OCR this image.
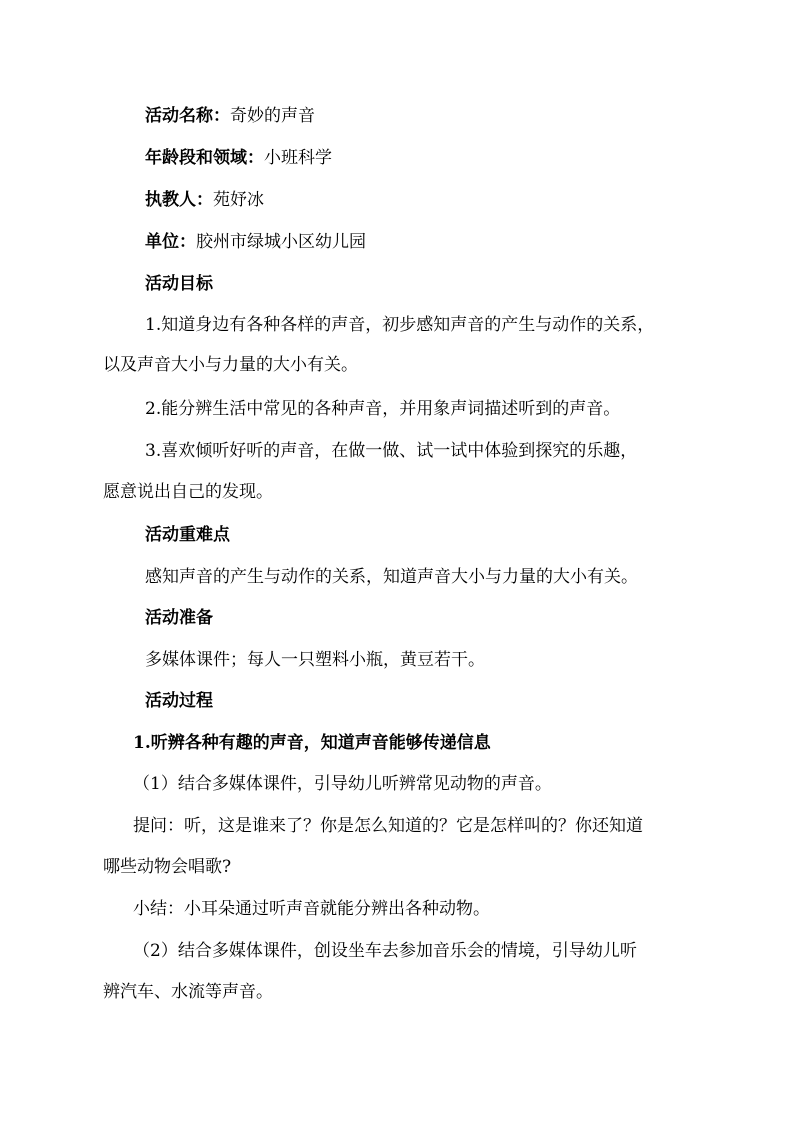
活动名称：奇妙的声音
年龄段和领域：小班科学
执教人：苑妤冰
单位：胶州市绿城小区幼儿园
活动目标
1.知道身边有各种各样的声音，初步感知声音的产生与动作的关系，
以及声音大小与力量的大小有关。
2.能分辨生活中常见的各种声音，并用象声词描述听到的声音。
3.喜欢倾听好听的声音，在做一做、试一试中体验到探究的乐趣，
愿意说出自己的发现。
活动重难点
感知声音的产生与动作的关系，知道声音大小与力量的大小有关。
活动准备
多媒体课件；每人一只塑料小瓶，黄豆若干。
活动过程
1.听辨各种有趣的声音，知道声音能够传递信息
（1）结合多媒体课件，引导幼儿听辨常见动物的声音。
提问：听，这是谁来了？你是怎么知道的？它是怎样叫的？你还知道
哪些动物会唱歌?
小结：小耳朵通过听声音就能分辨出各种动物。
（2）结合多媒体课件，创设坐车去参加音乐会的情境，引导幼儿听
辨汽车、水流等声音。
